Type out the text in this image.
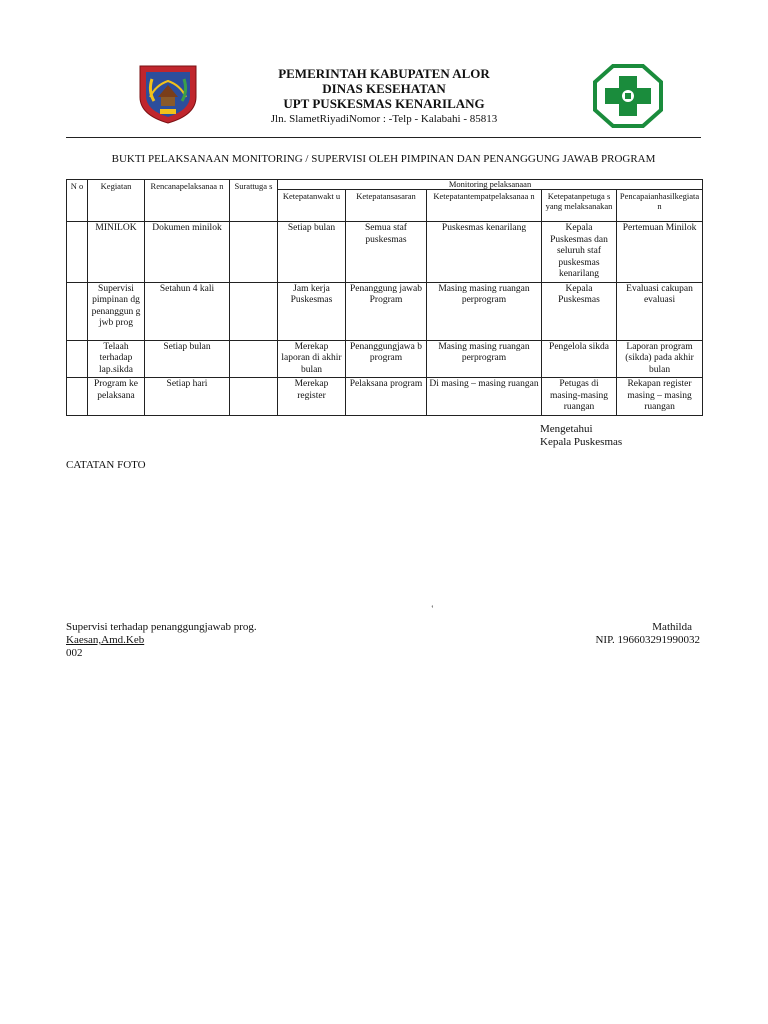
PEMERINTAH KABUPATEN ALOR
DINAS KESEHATAN
UPT PUSKESMAS KENARILANG
Jln. SlametRiyadiNomor : -Telp - Kalabahi - 85813
BUKTI PELAKSANAAN MONITORING / SUPERVISI OLEH PIMPINAN DAN PENANGGUNG JAWAB PROGRAM
N o	Kegiatan	Rencanapelaksanaa n	Surattuga s	Monitoring pelaksanaan				
				Ketepatanwakt u	Ketepatansasaran	Ketepatantempatpelaksanaa n	Ketepatanpetuga s yang melaksanakan	Pencapaianhasilkegiata n
	MINILOK	Dokumen minilok		Setiap bulan	Semua staf puskesmas	Puskesmas kenarilang	Kepala Puskesmas dan seluruh staf puskesmas kenarilang	Pertemuan Minilok
	Supervisi pimpinan dg penanggun g jwb prog	Setahun 4 kali		Jam kerja Puskesmas	Penanggung jawab Program	Masing masing ruangan perprogram	Kepala Puskesmas	Evaluasi cakupan evaluasi
	Telaah terhadap lap.sikda	Setiap bulan		Merekap laporan di akhir bulan	Penanggungjawa b program	Masing masing ruangan perprogram	Pengelola sikda	Laporan program (sikda) pada akhir bulan
	Program ke pelaksana	Setiap hari		Merekap register	Pelaksana program	Di masing – masing ruangan	Petugas di masing-masing ruangan	Rekapan register masing – masing ruangan
Mengetahui
Kepala Puskesmas
CATATAN FOTO
‛
Supervisi terhadap penanggungjawab prog.
Kaesan,Amd.Keb
002
Mathilda
NIP. 196603291990032
